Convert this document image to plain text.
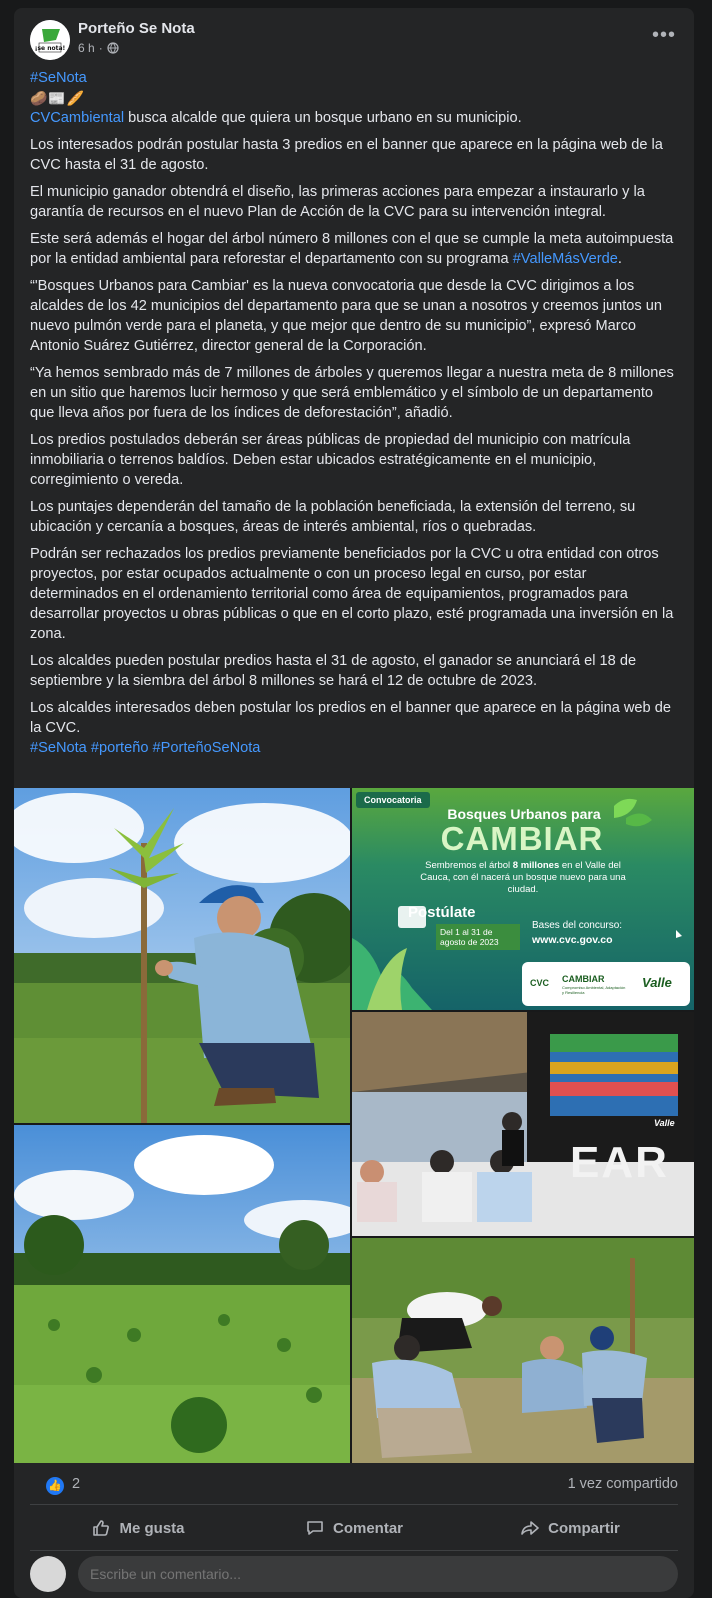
¡se nota!
Porteño Se Nota
6 h ·
•••
#SeNota
🥔📰🥖

CVCambiental busca alcalde que quiera un bosque urbano en su municipio.

Los interesados podrán postular hasta 3 predios en el banner que aparece en la página web de la CVC hasta el 31 de agosto.

El municipio ganador obtendrá el diseño, las primeras acciones para empezar a instaurarlo y la garantía de recursos en el nuevo Plan de Acción de la CVC para su intervención integral.

Este será además el hogar del árbol número 8 millones con el que se cumple la meta autoimpuesta por la entidad ambiental para reforestar el departamento con su programa #ValleMásVerde.

“'Bosques Urbanos para Cambiar' es la nueva convocatoria que desde la CVC dirigimos a los alcaldes de los 42 municipios del departamento para que se unan a nosotros y creemos juntos un nuevo pulmón verde para el planeta, y que mejor que dentro de su municipio”, expresó Marco Antonio Suárez Gutiérrez, director general de la Corporación.

“Ya hemos sembrado más de 7 millones de árboles y queremos llegar a nuestra meta de 8 millones en un sitio que haremos lucir hermoso y que será emblemático y el símbolo de un departamento que lleva años por fuera de los índices de deforestación”, añadió.

Los predios postulados deberán ser áreas públicas de propiedad del municipio con matrícula inmobiliaria o terrenos baldíos. Deben estar ubicados estratégicamente en el municipio, corregimiento o vereda.

Los puntajes dependerán del tamaño de la población beneficiada, la extensión del terreno, su ubicación y cercanía a bosques, áreas de interés ambiental, ríos o quebradas.

Podrán ser rechazados los predios previamente beneficiados por la CVC u otra entidad con otros proyectos, por estar ocupados actualmente o con un proceso legal en curso, por estar determinados en el ordenamiento territorial como área de equipamientos, programados para desarrollar proyectos u obras públicas o que en el corto plazo, esté programada una inversión en la zona.

Los alcaldes pueden postular predios hasta el 31 de agosto, el ganador se anunciará el 18 de septiembre y la siembra del árbol 8 millones se hará el 12 de octubre de 2023.

Los alcaldes interesados deben postular los predios en el banner que aparece en la página web de la CVC.

#SeNota #porteño #PorteñoSeNota
Convocatoria
Bosques Urbanos para
CAMBIAR
Sembremos el árbol 8 millones en el Valle del Cauca, con él nacerá un bosque nuevo para una ciudad.
Postúlate
Del 1 al 31 de agosto de 2023
Bases del concurso:
www.cvc.gov.co
CVC CAMBIAR
Compromiso Ambiental, Adaptación y Resiliencia
Valle
EAR
Valle
👍 2	1 vez compartido
Me gusta	Comentar	Compartir
Escribe un comentario...
